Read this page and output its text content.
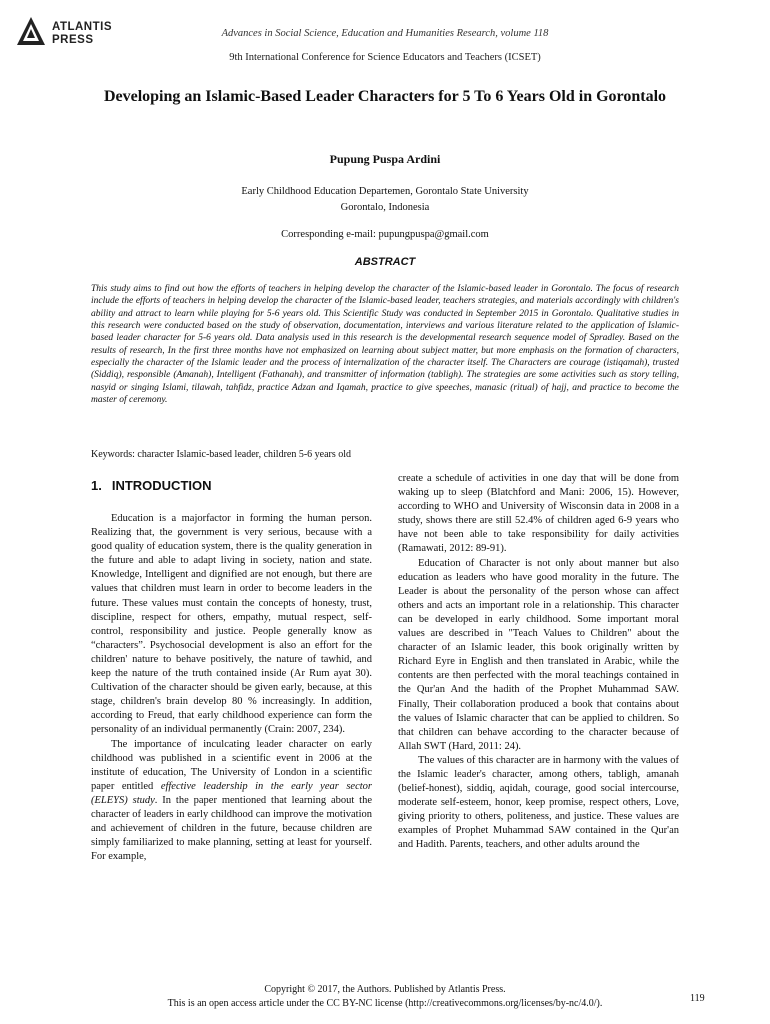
ATLANTIS
PRESS
Advances in Social Science, Education and Humanities Research, volume 118
9th International Conference for Science Educators and Teachers (ICSET)
Developing an Islamic-Based Leader Characters for 5 To 6 Years Old in Gorontalo
Pupung Puspa Ardini
Early Childhood Education Departemen, Gorontalo State University
Gorontalo, Indonesia
Corresponding e-mail: pupungpuspa@gmail.com
ABSTRACT
This study aims to find out how the efforts of teachers in helping develop the character of the Islamic-based leader in Gorontalo. The focus of research include the efforts of teachers in helping develop the character of the Islamic-based leader, teachers strategies, and materials accordingly with children's ability and attract to learn while playing for 5-6 years old. This Scientific Study was conducted in September 2015 in Gorontalo. Qualitative studies in this research were conducted based on the study of observation, documentation, interviews and various literature related to the application of Islamic-based leader character for 5-6 years old. Data analysis used in this research is the developmental research sequence model of Spradley. Based on the results of research, In the first three months have not emphasized on learning about subject matter, but more emphasis on the formation of characters, especially the character of the Islamic leader and the process of internalization of the character itself. The Characters are courage (istiqamah), trusted (Siddiq), responsible (Amanah), Intelligent (Fathanah), and transmitter of information (tabligh). The strategies are some activities such as story telling, nasyid or singing Islami, tilawah, tahfidz, practice Adzan and Iqamah, practice to give speeches, manasic (ritual) of hajj, and practice to become the master of ceremony.
Keywords: character Islamic-based leader, children 5-6 years old
1. INTRODUCTION

Education is a majorfactor in forming the human person. Realizing that, the government is very serious, because with a good quality of education system, there is the quality generation in the future and able to adapt living in society, nation and state. Knowledge, Intelligent and dignified are not enough, but there are values that children must learn in order to become leaders in the future. These values must contain the concepts of honesty, trust, discipline, respect for others, empathy, mutual respect, self-control, responsibility and justice. People generally know as “characters”. Psychosocial development is also an effort for the children' nature to behave positively, the nature of tawhid, and keep the nature of the truth contained inside (Ar Rum ayat 30). Cultivation of the character should be given early, because, at this stage, children's brain develop 80 % increasingly. In addition, according to Freud, that early childhood experience can form the personality of an individual permanently (Crain: 2007, 234).

The importance of inculcating leader character on early childhood was published in a scientific event in 2006 at the institute of education, The University of London in a scientific paper entitled effective leadership in the early year sector (ELEYS) study. In the paper mentioned that learning about the character of leaders in early childhood can improve the motivation and achievement of children in the future, because children are simply familiarized to make planning, setting at least for yourself. For example,

create a schedule of activities in one day that will be done from waking up to sleep (Blatchford and Mani: 2006, 15). However, according to WHO and University of Wisconsin data in 2008 in a study, shows there are still 52.4% of children aged 6-9 years who have not been able to take responsibility for daily activities (Ramawati, 2012: 89-91).

Education of Character is not only about manner but also education as leaders who have good morality in the future. The Leader is about the personality of the person whose can affect others and acts an important role in a relationship. This character can be developed in early childhood. Some important moral values are described in "Teach Values to Children" about the character of an Islamic leader, this book originally written by Richard Eyre in English and then translated in Arabic, while the contents are then perfected with the moral teachings contained in the Qur'an And the hadith of the Prophet Muhammad SAW. Finally, Their collaboration produced a book that contains about the values of Islamic character that can be applied to children. So that children can behave according to the character because of Allah SWT (Hard, 2011: 24).

The values of this character are in harmony with the values of the Islamic leader's character, among others, tabligh, amanah (belief-honest), siddiq, aqidah, courage, good social intercourse, moderate self-esteem, honor, keep promise, respect others, Love, giving priority to others, politeness, and justice. These values are examples of Prophet Muhammad SAW contained in the Qur'an and Hadith. Parents, teachers, and other adults around the

Copyright © 2017, the Authors. Published by Atlantis Press.
This is an open access article under the CC BY-NC license (http://creativecommons.org/licenses/by-nc/4.0/).	119
